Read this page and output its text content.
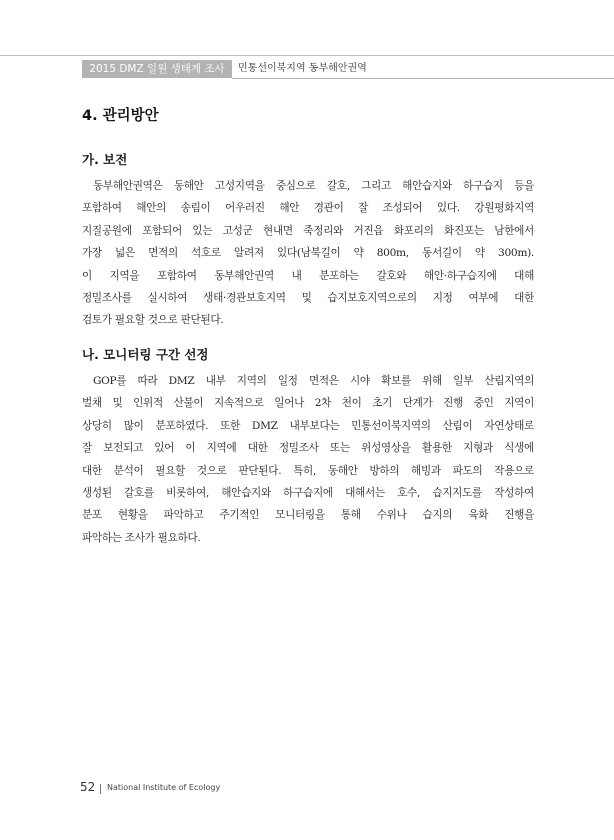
2015 DMZ 일원 생태계 조사	민통선이북지역 동부해안권역
4. 관리방안
가. 보전
동부해안권역은 동해안 고성지역을 중심으로 갈호, 그리고 해안습지와 하구습지 등을
포함하여 해안의 송림이 어우러진 해안 경관이 잘 조성되어 있다. 강원평화지역
지질공원에 포함되어 있는 고성군 현내면 죽정리와 거진읍 화포리의 화진포는 남한에서
가장 넓은 면적의 석호로 알려져 있다(남북길이 약 800m, 동서길이 약 300m).
이 지역을 포함하여 동부해안권역 내 분포하는 갈호와 해안·하구습지에 대해
정밀조사를 실시하여 생태·경관보호지역 및 습지보호지역으로의 지정 여부에 대한
검토가 필요할 것으로 판단된다.
나. 모니터링 구간 선정
GOP를 따라 DMZ 내부 지역의 일정 면적은 시야 확보를 위해 일부 산림지역의
벌채 및 인위적 산불이 지속적으로 일어나 2차 천이 초기 단계가 진행 중인 지역이
상당히 많이 분포하였다. 또한 DMZ 내부보다는 민통선이북지역의 산림이 자연상태로
잘 보전되고 있어 이 지역에 대한 정밀조사 또는 위성영상을 활용한 지형과 식생에
대한 분석이 필요할 것으로 판단된다. 특히, 동해안 방하의 해빙과 파도의 작용으로
생성된 갈호를 비롯하여, 해안습지와 하구습지에 대해서는 호수, 습지지도를 작성하여
분포 현황을 파악하고 주기적인 모니터링을 통해 수위나 습지의 육화 진행을
파악하는 조사가 필요하다.
52 National Institute of Ecology
